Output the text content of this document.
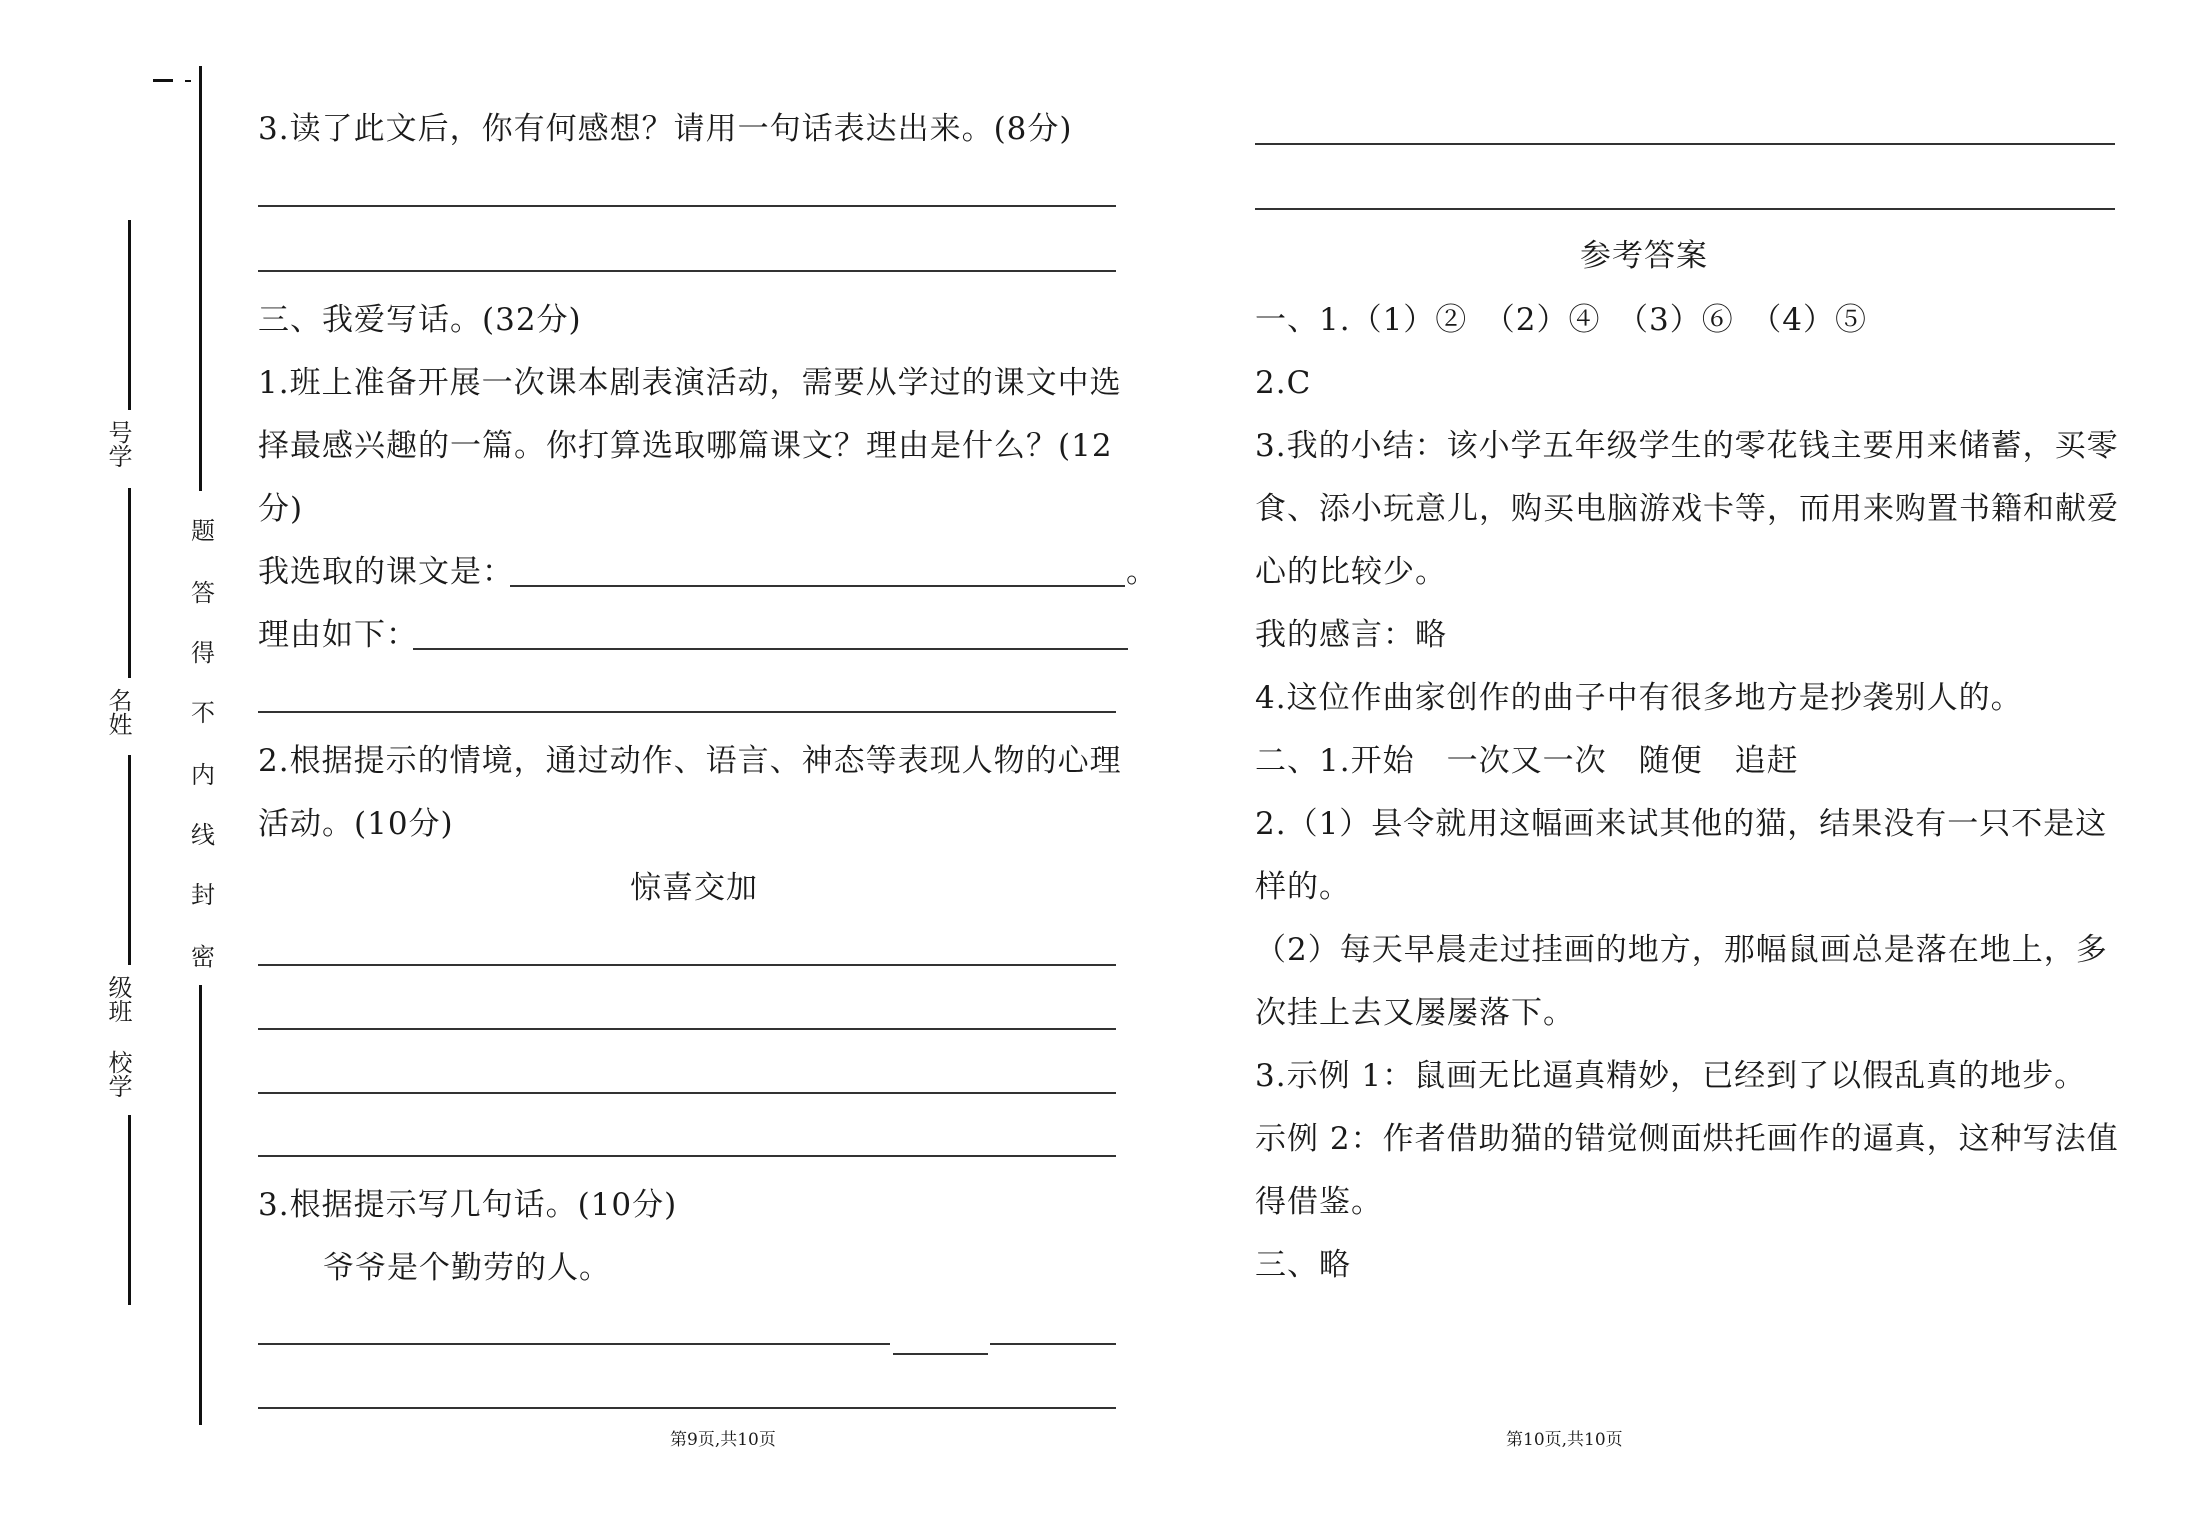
号学
名姓
级班
校学
题
答
得
不
内
线
封
密
3.读了此文后，你有何感想？请用一句话表达出来。(8分)
三、我爱写话。(32分)
1.班上准备开展一次课本剧表演活动，需要从学过的课文中选
择最感兴趣的一篇。你打算选取哪篇课文？理由是什么？(12
分)
我选取的课文是：	。
理由如下：
2.根据提示的情境，通过动作、语言、神态等表现人物的心理
活动。(10分)
惊喜交加
3.根据提示写几句话。(10分)
爷爷是个勤劳的人。
第9页,共10页
参考答案
一、1.（1）②　（2）④　（3）⑥　（4）⑤
2.C
3.我的小结：该小学五年级学生的零花钱主要用来储蓄，买零
食、添小玩意儿，购买电脑游戏卡等，而用来购置书籍和献爱
心的比较少。
我的感言：略
4.这位作曲家创作的曲子中有很多地方是抄袭别人的。
二、1.开始　一次又一次　随便　追赶
2.（1）县令就用这幅画来试其他的猫，结果没有一只不是这
样的。
（2）每天早晨走过挂画的地方，那幅鼠画总是落在地上，多
次挂上去又屡屡落下。
3.示例 1：鼠画无比逼真精妙，已经到了以假乱真的地步。
示例 2：作者借助猫的错觉侧面烘托画作的逼真，这种写法值
得借鉴。
三、略
第10页,共10页
